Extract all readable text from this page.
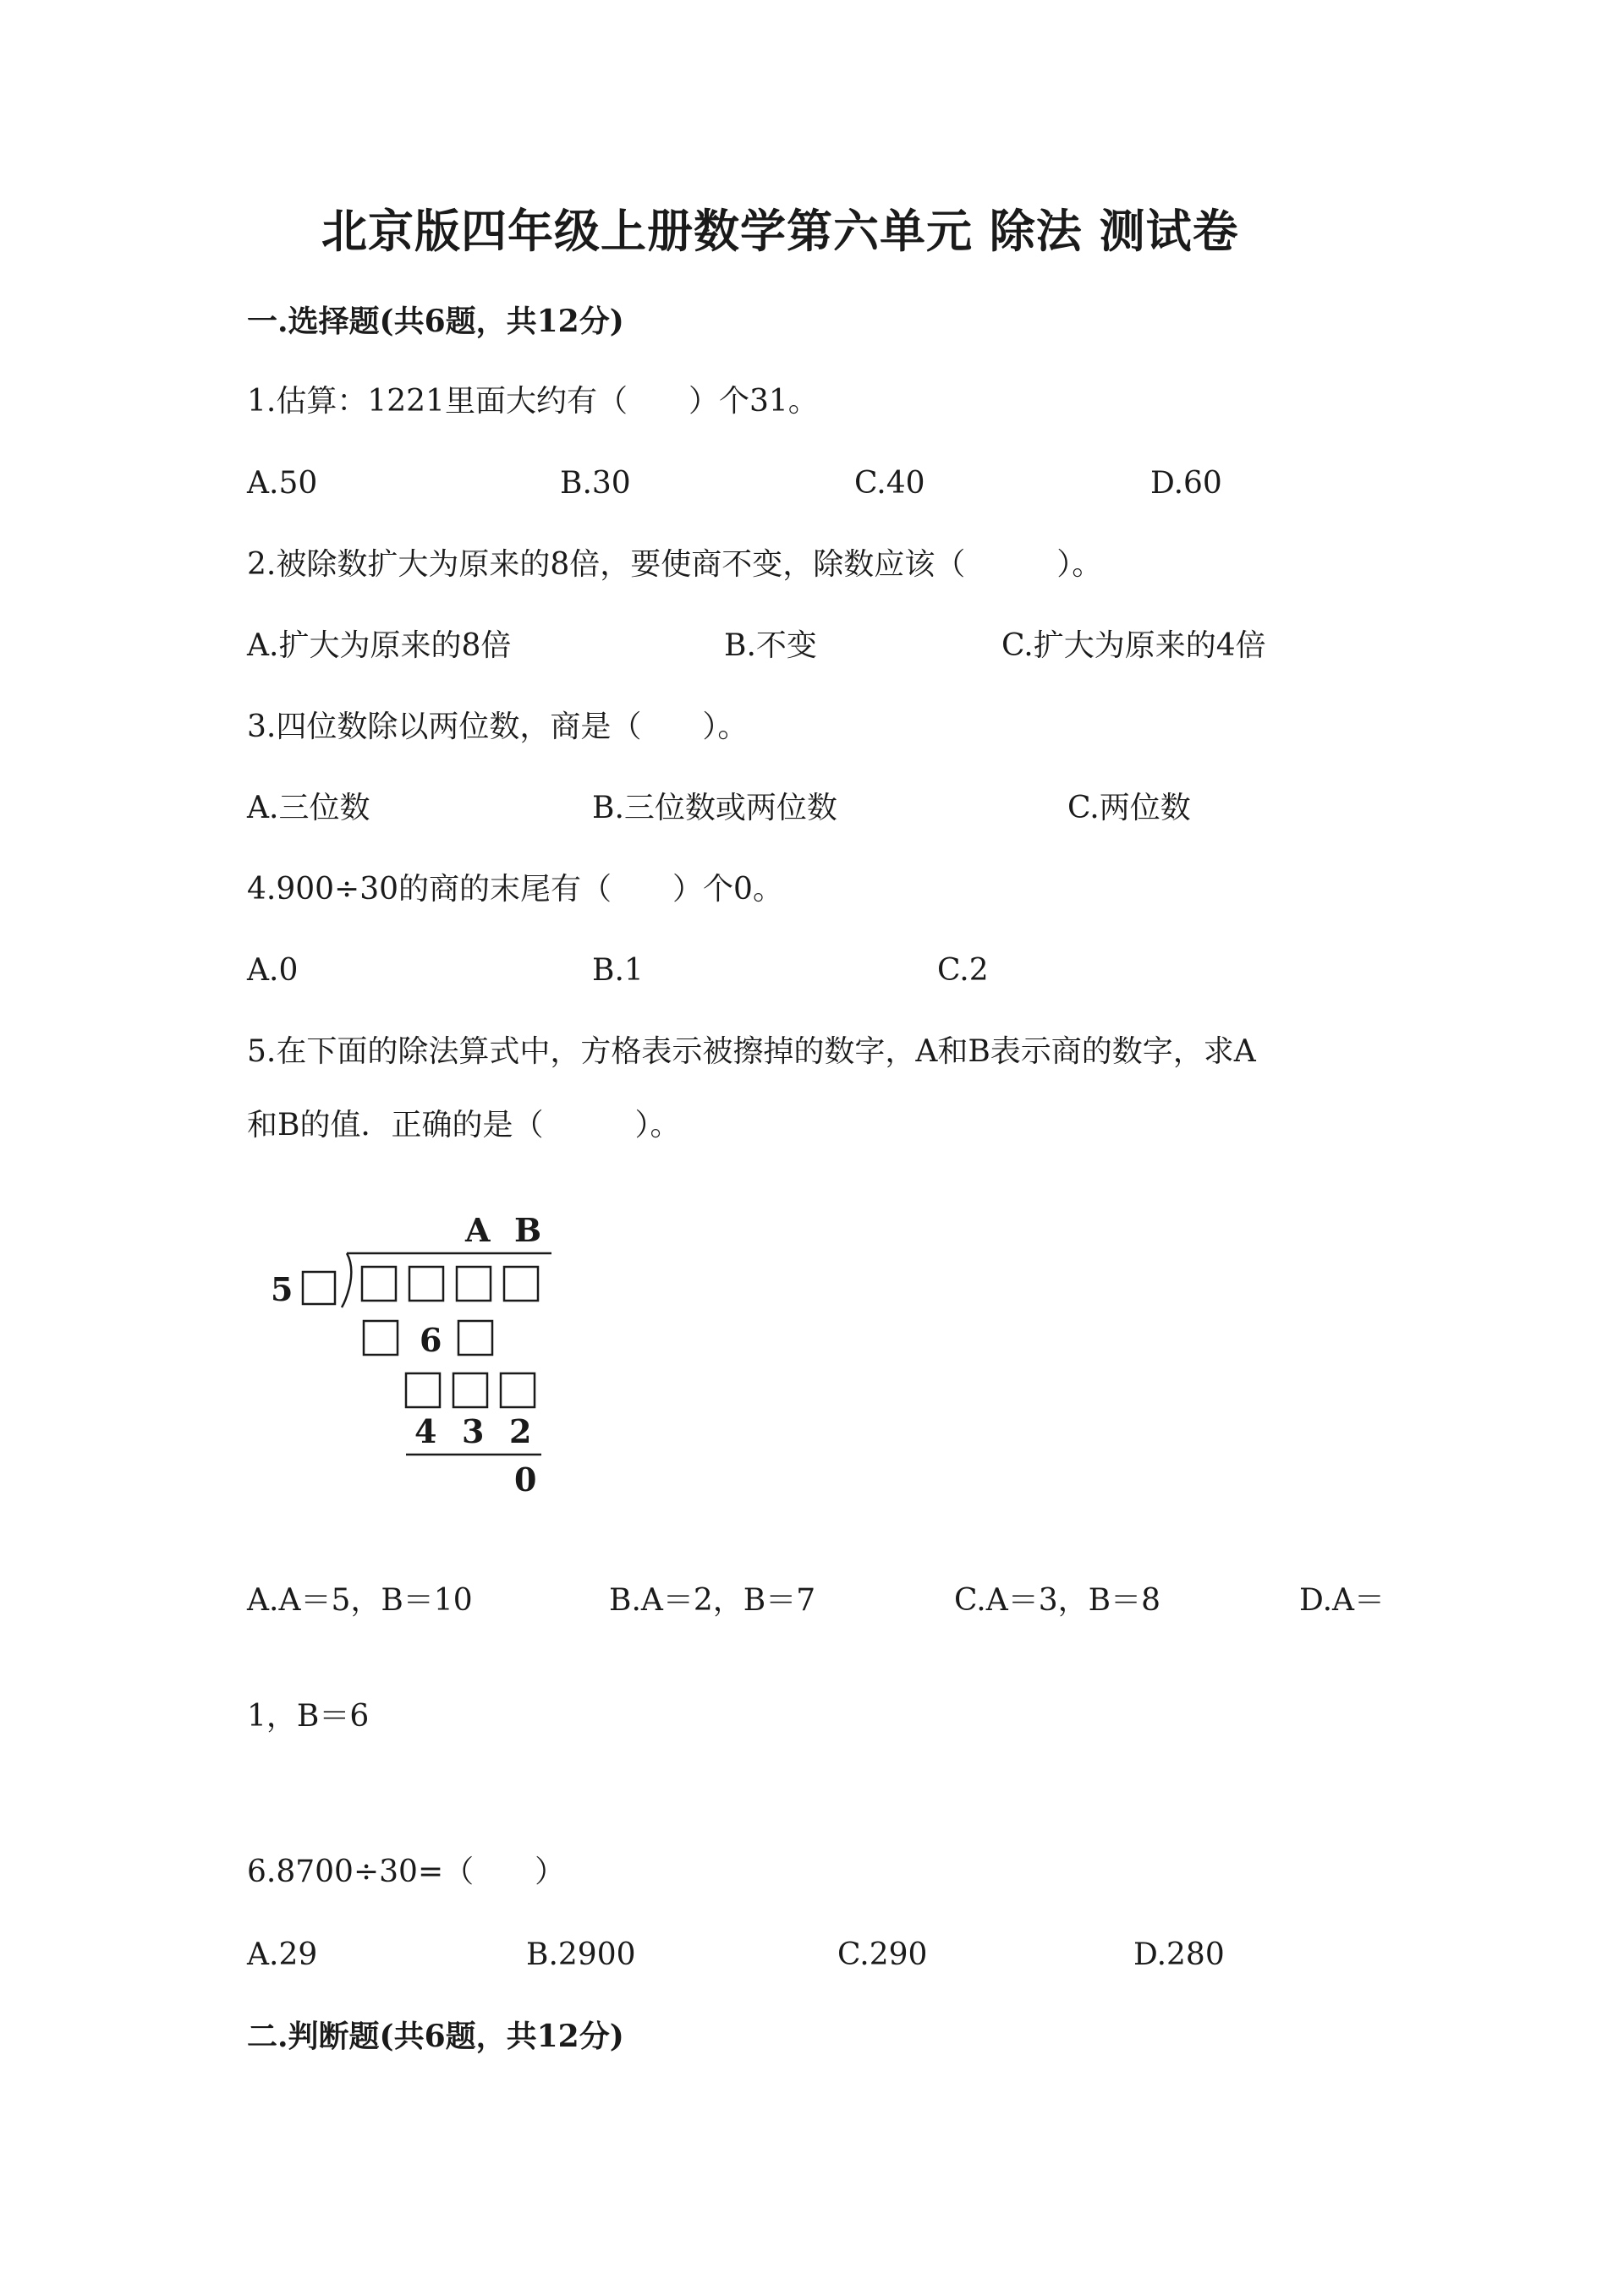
北京版四年级上册数学第六单元 除法 测试卷
一.选择题(共6题，共12分)
1.估算：1221里面大约有（　　）个31。
A.50	B.30	C.40	D.60
2.被除数扩大为原来的8倍，要使商不变，除数应该（　　　）。
A.扩大为原来的8倍	B.不变	C.扩大为原来的4倍
3.四位数除以两位数，商是（　　）。
A.三位数	B.三位数或两位数	C.两位数
4.900÷30的商的末尾有（　　）个0。
A.0	B.1	C.2
5.在下面的除法算式中，方格表示被擦掉的数字，A和B表示商的数字，求A
和B的值．正确的是（　　　）。
A B
5
6
4 3 2
0
A.A＝5，B＝10	B.A＝2，B＝7	C.A＝3，B＝8	D.A＝
1，B＝6
6.8700÷30=（　　）
A.29	B.2900	C.290	D.280
二.判断题(共6题，共12分)
